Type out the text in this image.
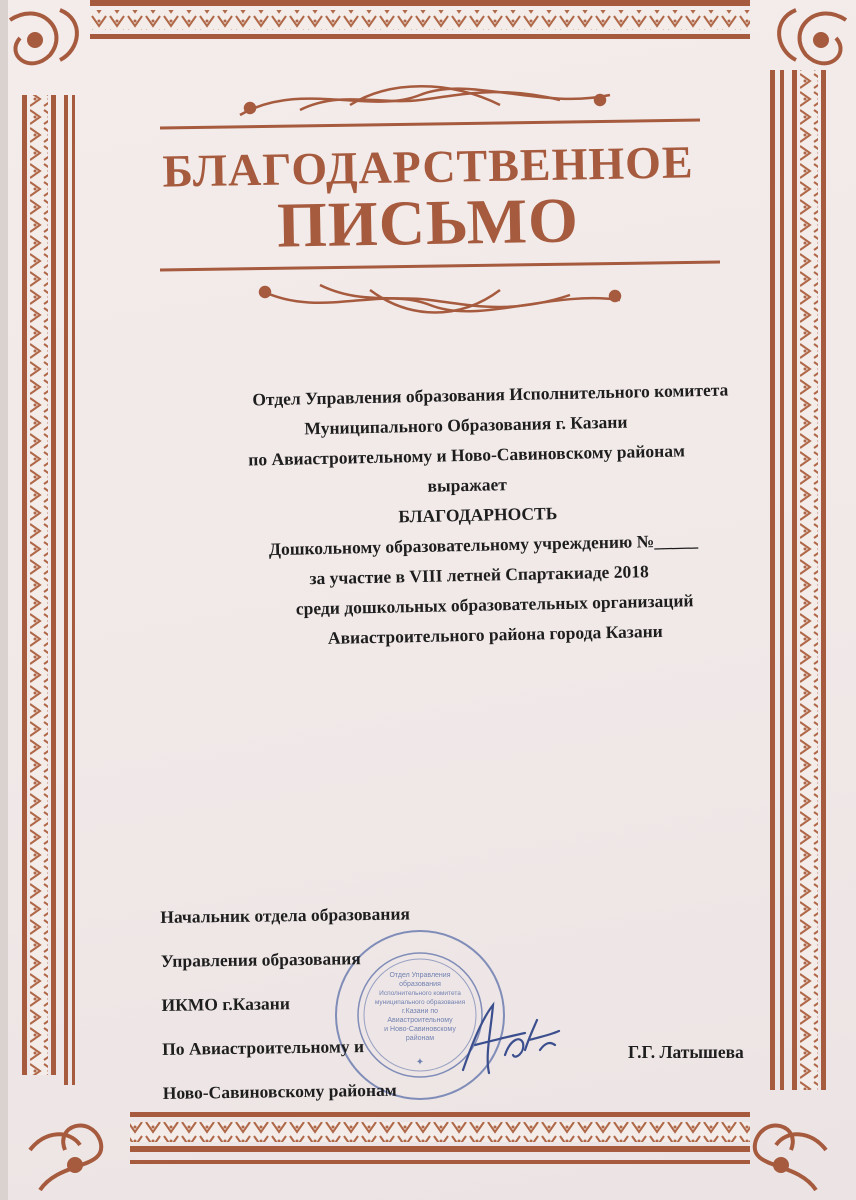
БЛАГОДАРСТВЕННОЕ
ПИСЬМО
Отдел Управления образования Исполнительного комитета
Муниципального Образования г. Казани
по Авиастроительному и Ново-Савиновскому районам
выражает
БЛАГОДАРНОСТЬ
Дошкольному образовательному учреждению №_____
за участие в VIII летней Спартакиаде 2018
среди дошкольных образовательных организаций
Авиастроительного района города Казани
Отдел Управления
образования
Исполнительного комитета
муниципального образования
г.Казани по
Авиастроительному
и Ново-Савиновскому
районам
✦
Начальник отдела образования
Управления образования
ИКМО г.Казани
По Авиастроительному и
Ново-Савиновскому районам
Г.Г. Латышева
